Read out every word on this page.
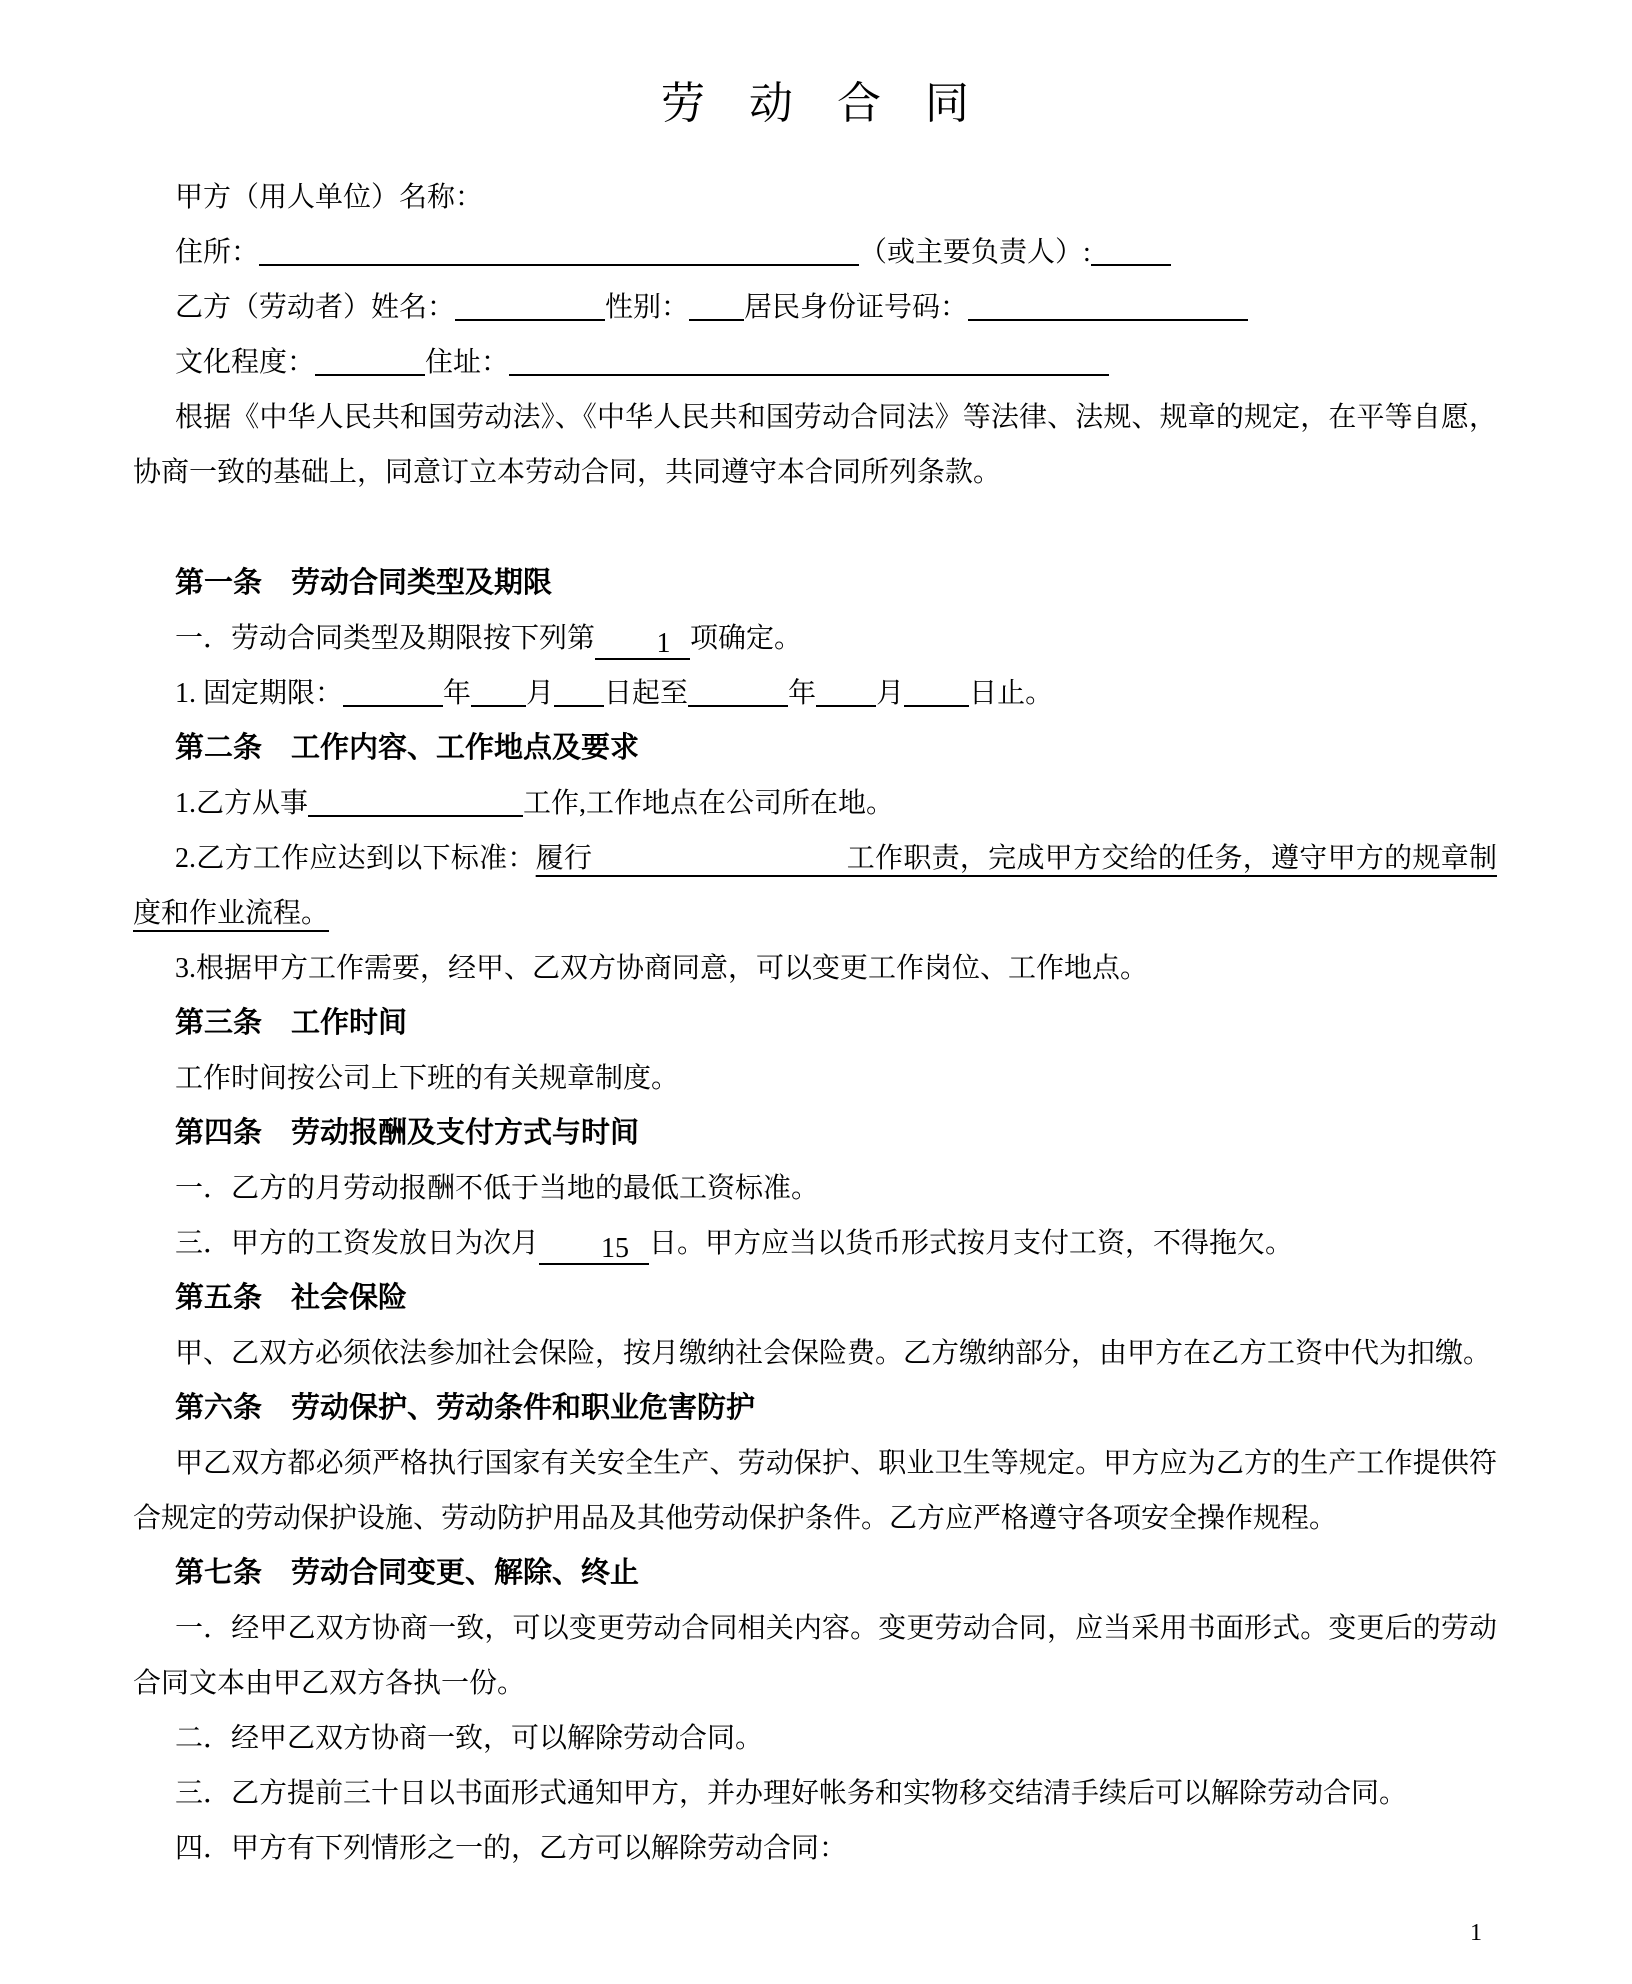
劳　动　合　同

甲方（用人单位）名称：

住所：	（或主要负责人）:

乙方（劳动者）姓名：	性别： 居民身份证号码：

文化程度：	住址：

根据《中华人民共和国劳动法》、《中华人民共和国劳动合同法》等法律、法规、规章的规定，在平等自愿，协商一致的基础上，同意订立本劳动合同，共同遵守本合同所列条款。

第一条　劳动合同类型及期限

一．劳动合同类型及期限按下列第 1 项确定。

1. 固定期限：	年 月 日起至	年 月 日止。

第二条　工作内容、工作地点及要求

1.乙方从事	工作,工作地点在公司所在地。

2.乙方工作应达到以下标准：履行　　　　　　　　　工作职责，完成甲方交给的任务，遵守甲方的规章制度和作业流程。

3.根据甲方工作需要，经甲、乙双方协商同意，可以变更工作岗位、工作地点。

第三条　工作时间

工作时间按公司上下班的有关规章制度。

第四条　劳动报酬及支付方式与时间

一．乙方的月劳动报酬不低于当地的最低工资标准。

三．甲方的工资发放日为次月 15 日。甲方应当以货币形式按月支付工资，不得拖欠。

第五条　社会保险

甲、乙双方必须依法参加社会保险，按月缴纳社会保险费。乙方缴纳部分，由甲方在乙方工资中代为扣缴。

第六条　劳动保护、劳动条件和职业危害防护

甲乙双方都必须严格执行国家有关安全生产、劳动保护、职业卫生等规定。甲方应为乙方的生产工作提供符合规定的劳动保护设施、劳动防护用品及其他劳动保护条件。乙方应严格遵守各项安全操作规程。

第七条　劳动合同变更、解除、终止

一．经甲乙双方协商一致，可以变更劳动合同相关内容。变更劳动合同，应当采用书面形式。变更后的劳动合同文本由甲乙双方各执一份。

二．经甲乙双方协商一致，可以解除劳动合同。

三．乙方提前三十日以书面形式通知甲方，并办理好帐务和实物移交结清手续后可以解除劳动合同。

四．甲方有下列情形之一的，乙方可以解除劳动合同：

1
